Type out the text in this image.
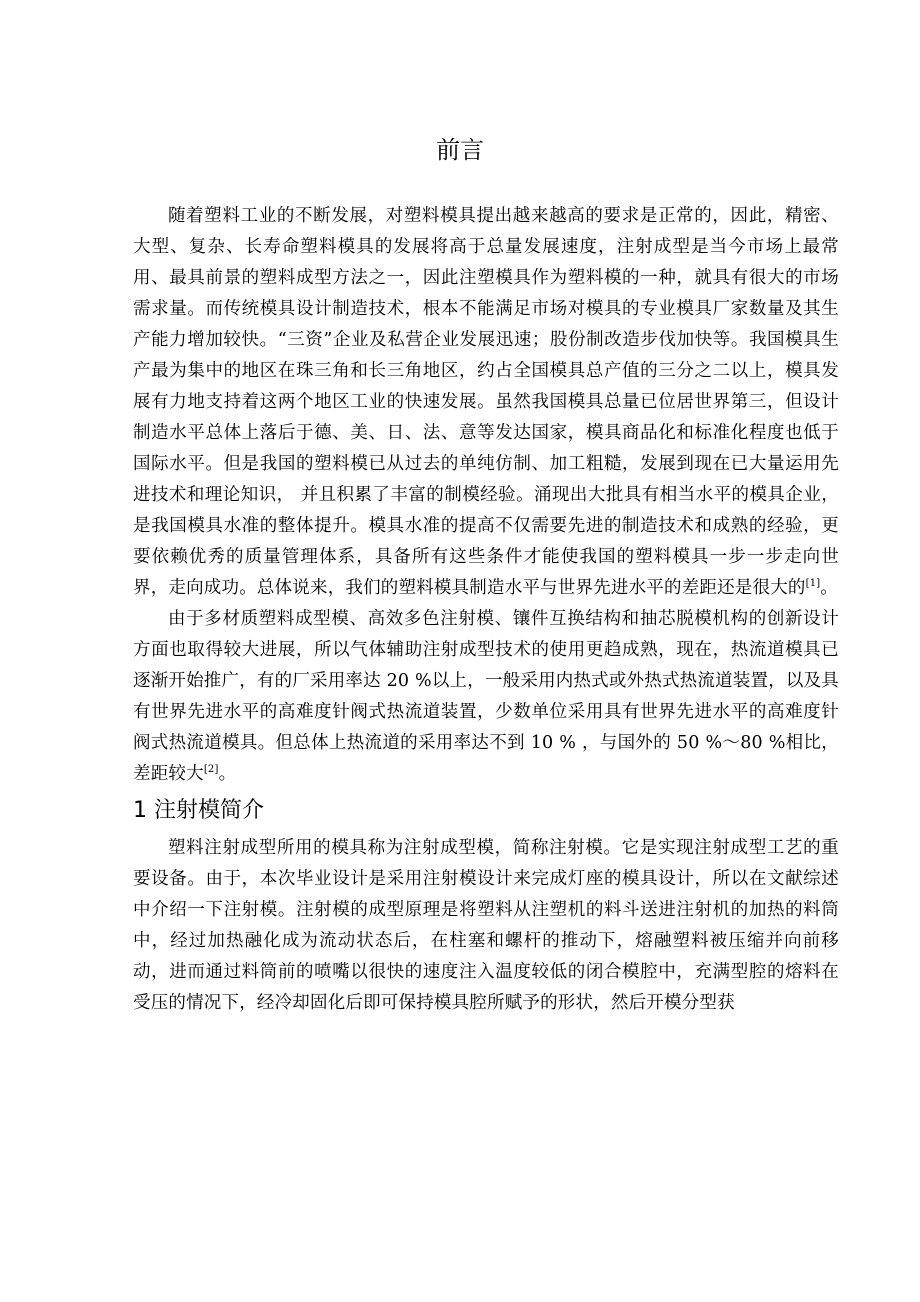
前言

随着塑料工业的不断发展，对塑料模具提出越来越高的要求是正常的，因此，精密、大型、复杂、长寿命塑料模具的发展将高于总量发展速度，注射成型是当今市场上最常用、最具前景的塑料成型方法之一，因此注塑模具作为塑料模的一种，就具有很大的市场需求量。而传统模具设计制造技术，根本不能满足市场对模具的专业模具厂家数量及其生产能力增加较快。“三资”企业及私营企业发展迅速；股份制改造步伐加快等。我国模具生产最为集中的地区在珠三角和长三角地区，约占全国模具总产值的三分之二以上，模具发展有力地支持着这两个地区工业的快速发展。虽然我国模具总量已位居世界第三，但设计制造水平总体上落后于德、美、日、法、意等发达国家，模具商品化和标准化程度也低于国际水平。但是我国的塑料模已从过去的单纯仿制、加工粗糙，发展到现在已大量运用先进技术和理论知识， 并且积累了丰富的制模经验。涌现出大批具有相当水平的模具企业，是我国模具水准的整体提升。模具水准的提高不仅需要先进的制造技术和成熟的经验，更要依赖优秀的质量管理体系，具备所有这些条件才能使我国的塑料模具一步一步走向世界，走向成功。总体说来，我们的塑料模具制造水平与世界先进水平的差距还是很大的[1]。

由于多材质塑料成型模、高效多色注射模、镶件互换结构和抽芯脱模机构的创新设计方面也取得较大进展，所以气体辅助注射成型技术的使用更趋成熟，现在，热流道模具已逐渐开始推广，有的厂采用率达 20 %以上，一般采用内热式或外热式热流道装置，以及具有世界先进水平的高难度针阀式热流道装置，少数单位采用具有世界先进水平的高难度针阀式热流道模具。但总体上热流道的采用率达不到 10 % ，与国外的 50 %～80 %相比，差距较大[2]。

1 注射模简介

塑料注射成型所用的模具称为注射成型模，简称注射模。它是实现注射成型工艺的重要设备。由于，本次毕业设计是采用注射模设计来完成灯座的模具设计，所以在文献综述中介绍一下注射模。注射模的成型原理是将塑料从注塑机的料斗送进注射机的加热的料筒中，经过加热融化成为流动状态后，在柱塞和螺杆的推动下，熔融塑料被压缩并向前移动，进而通过料筒前的喷嘴以很快的速度注入温度较低的闭合模腔中，充满型腔的熔料在受压的情况下，经冷却固化后即可保持模具腔所赋予的形状，然后开模分型获
